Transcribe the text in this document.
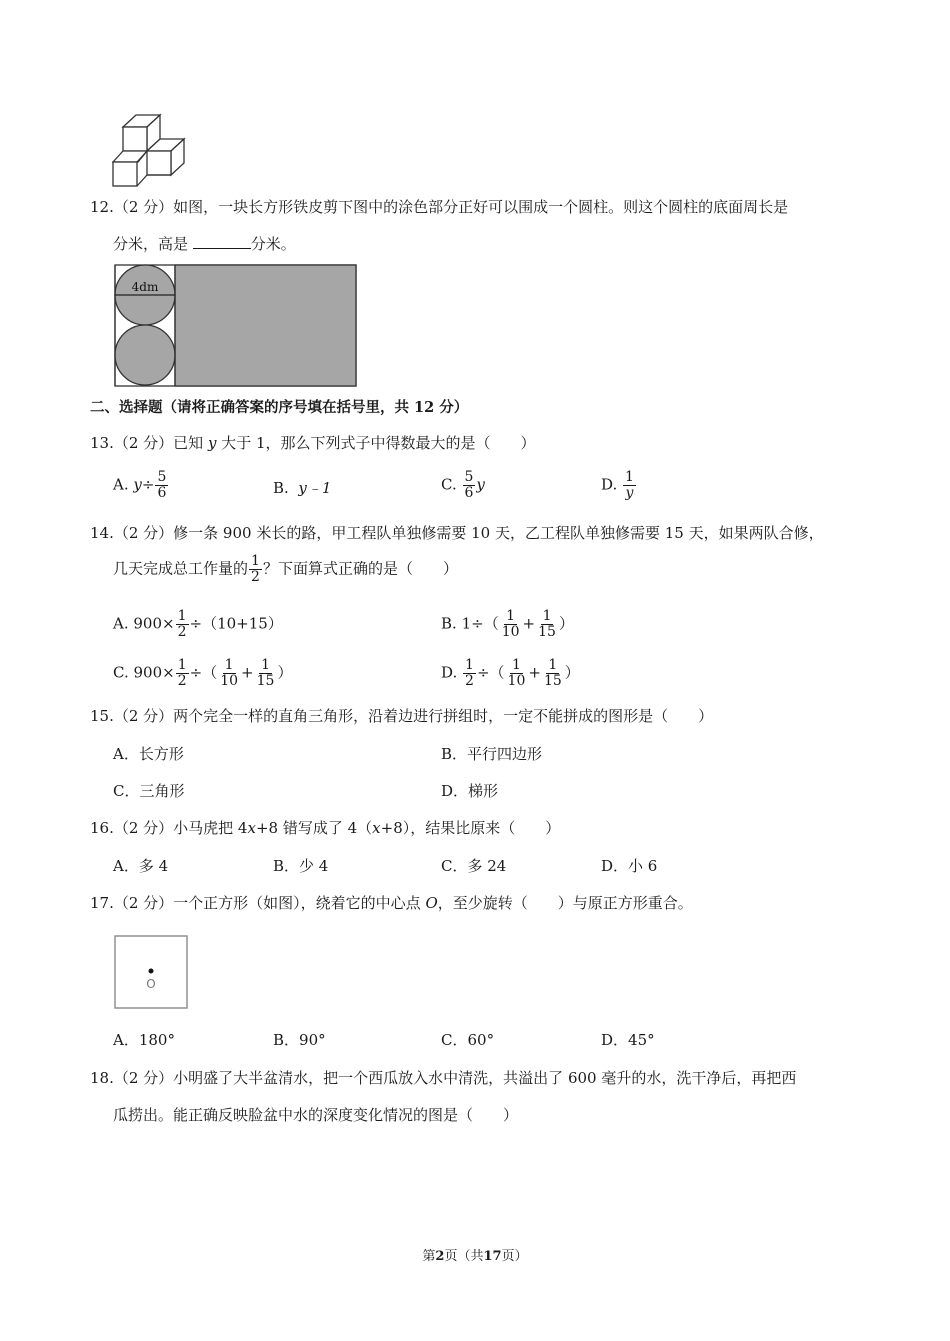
12.（2 分）如图，一块长方形铁皮剪下图中的涂色部分正好可以围成一个圆柱。则这个圆柱的底面周长是
分米，高是	分米。
4dm
二、选择题（请将正确答案的序号填在括号里，共 12 分）
13.（2 分）已知 y 大于 1，那么下列式子中得数最大的是（　　）
A. $y\div \frac{5}{6}$	B. y﹣1	C. $\frac{5}{6}$ y	D. $\frac{1}{y}$
14.（2 分）修一条 900 米长的路，甲工程队单独修需要 10 天，乙工程队单独修需要 15 天，如果两队合修，
几天完成总工作量的 $\frac{1}{2}$ ？下面算式正确的是（　　）
A. $900\times \frac{1}{2} \div(10+15)$	B. $1\div( \frac{1}{10} + \frac{1}{15}$ ）
C. $900\times \frac{1}{2}$ ÷（ $\frac{1}{10} + \frac{1}{15}$ ）	D. $\frac{1}{2}$ ÷（ $\frac{1}{10} + \frac{1}{15}$ ）
15.（2 分）两个完全一样的直角三角形，沿着边进行拼组时，一定不能拼成的图形是（　　）
A．长方形	B．平行四边形
C．三角形	D．梯形
16.（2 分）小马虎把 4x+8 错写成了 4（x+8），结果比原来（　　）
A．多 4	B．少 4	C．多 24	D．小 6
17.（2 分）一个正方形（如图），绕着它的中心点 O，至少旋转（　　）与原正方形重合。
O
A．180°	B．90°	C．60°	D．45°
18.（2 分）小明盛了大半盆清水，把一个西瓜放入水中清洗，共溢出了 600 毫升的水，洗干净后，再把西
瓜捞出。能正确反映脸盆中水的深度变化情况的图是（　　）
第2页（共17页）
